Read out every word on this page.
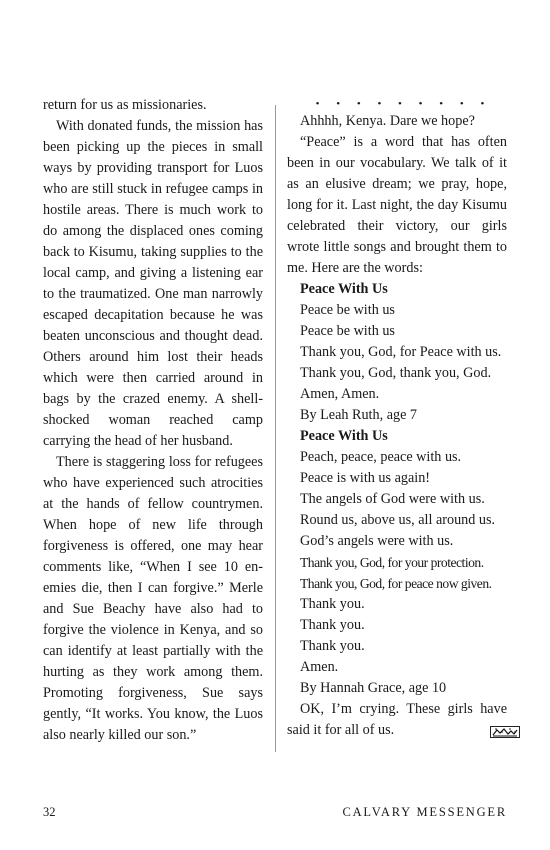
return for us as missionaries.

With donated funds, the mission has been picking up the pieces in small ways by providing transport for Luos who are still stuck in refugee camps in hostile areas. There is much work to do among the displaced ones coming back to Kisumu, taking supplies to the local camp, and giving a listening ear to the traumatized. One man narrowly escaped decapitation because he was beaten unconscious and thought dead. Others around him lost their heads which were then carried around in bags by the crazed enemy. A shell-shocked woman reached camp carrying the head of her husband.

There is staggering loss for refugees who have experienced such atrocities at the hands of fellow countrymen. When hope of new life through forgiveness is offered, one may hear comments like, “When I see 10 enemies die, then I can forgive.” Merle and Sue Beachy have also had to forgive the violence in Kenya, and so can identify at least partially with the hurting as they work among them. Promoting forgiveness, Sue says gently, “It works. You know, the Luos also nearly killed our son.”

• • • • • • • • •

Ahhhh, Kenya. Dare we hope?

“Peace” is a word that has often been in our vocabulary. We talk of it as an elusive dream; we pray, hope, long for it. Last night, the day Kisumu celebrated their victory, our girls wrote little songs and brought them to me. Here are the words:

Peace With Us
Peace be with us
Peace be with us
Thank you, God, for Peace with us.
Thank you, God, thank you, God.
Amen, Amen.
By Leah Ruth, age 7
Peace With Us
Peach, peace, peace with us.
Peace is with us again!
The angels of God were with us.
Round us, above us, all around us.
God’s angels were with us.
Thank you, God, for your protection.
Thank you, God, for peace now given.
Thank you.
Thank you.
Thank you.
Amen.
By Hannah Grace, age 10

OK, I’m crying. These girls have said it for all of us.

32	CALVARY MESSENGER
